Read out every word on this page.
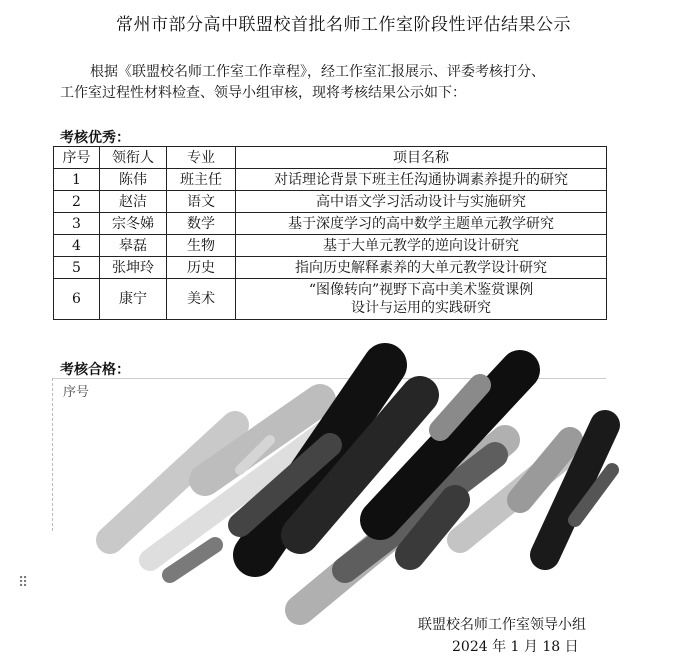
常州市部分高中联盟校首批名师工作室阶段性评估结果公示

根据《联盟校名师工作室工作章程》，经工作室汇报展示、评委考核打分、
工作室过程性材料检查、领导小组审核，现将考核结果公示如下：

考核优秀：
序号	领衔人	专业	项目名称
1	陈伟	班主任	对话理论背景下班主任沟通协调素养提升的研究
2	赵洁	语文	高中语文学习活动设计与实施研究
3	宗冬娣	数学	基于深度学习的高中数学主题单元教学研究
4	皋磊	生物	基于大单元教学的逆向设计研究
5	张坤玲	历史	指向历史解释素养的大单元教学设计研究
6	康宁	美术	“图像转向”视野下高中美术鉴赏课例
设计与运用的实践研究
考核合格：
序号
⠿
联盟校名师工作室领导小组
2024 年 1 月 18 日
